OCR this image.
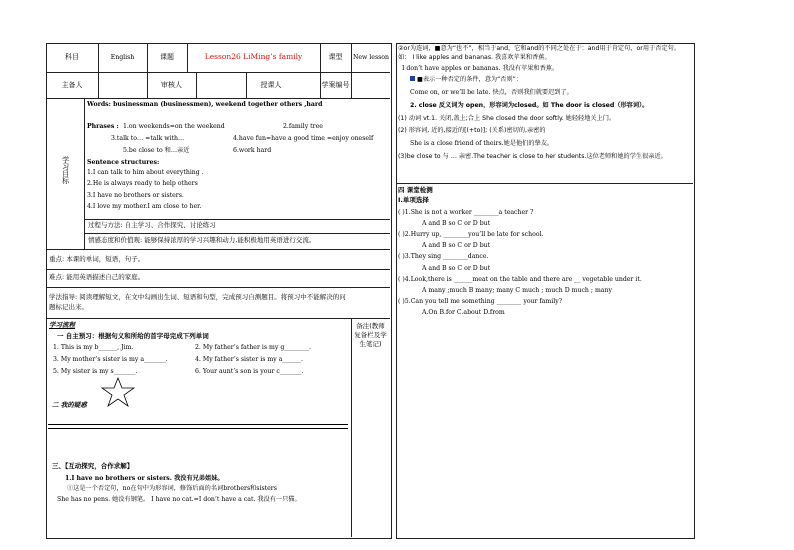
科目	English	课题	Lesson26 LiMing’s family	课型	New lesson
主备人	审核人	授课人	学案编号
学习目标
Words: businessman (businessmen), weekend together others ,hard
Phrases : 1.on weekends=on the weekend	2.family tree
3.talk to… =talk with…	4.have fun=have a good time =enjoy oneself
5.be close to 和…亲近	6.work hard
Sentence structures:
1.I can talk to him about everything .
2.He is always ready to help others
3.I have no brothers or sisters.
4.I love my mother.I am close to her.
过程与方法: 自主学习、合作探究、讨论练习
情感态度和价值观: 能够保持浓厚的学习兴趣和动力,能积极地用英语进行交流。
重点: 本课的单词，短语，句子。
难点: 能用英语描述自己的家庭。
学法指导: 阅读理解短文，在文中勾画出生词、短语和句型，完成预习自测题目。将预习中不能解决的问题标记出来。
学习流程
一 自主预习：根据句义和所给的首字母完成下列单词
1. This is my b______, Jim.	2. My father’s father is my g________.
3. My mother’s sister is my a_______.	4. My father’s sister is my a______.
5. My sister is my s_______.	6. Your aunt’s son is your c_______.
二 我的疑惑
三、【互动探究，合作求解】
1.I have no brothers or sisters. 我没有兄弟姐妹。
①这是一个否定句，no在句中为形容词，修饰后面的名词brothers和sisters
She has no pens. 她没有钢笔。 I have no cat.=I don’t have a cat. 我没有一只猫。
备注(教师复备栏及学生笔记)
②or为连词，■意为“也不”，相当于and，它和and的不同之处在于：and用于肯定句，or用于否定句。如： I like apples and bananas. 我喜欢苹果和香蕉。
I don’t have apples or bananas. 我没有苹果和香蕉。
■表示一种否定的条件，意为“否则”：
Come on, or we’ll be late. 快点，否则我们就要迟到了。
2. close 反义词为 open，形容词为closed。如 The door is closed（形容词）。
(1) 动词 vt.1. 关闭,盖上;合上 She closed the door softly. 她轻轻地关上门。
(2) 形容词, 近的,接近的[(+to)]; (关系)密切的,亲密的
She is a close friend of theirs.她是他们的挚友。
(3)be close to 与 … 亲密.The teacher is close to her students.这位老师和她的学生很亲近。
四 课堂检测
I.单项选择
( )1.She is not a worker ________a teacher ?
A and B so C or D but
( )2.Hurry up, ________you’ll be late for school.
A and B so C or D but
( )3.They sing ________dance.
A and B so C or D but
( )4.Look,there is ______meat on the table and there are __ vegetable under it.
A many ;much B many; many C much ; much D much ; many
( )5.Can you tell me something ________ your family?
A.On B.for C.about D.from
